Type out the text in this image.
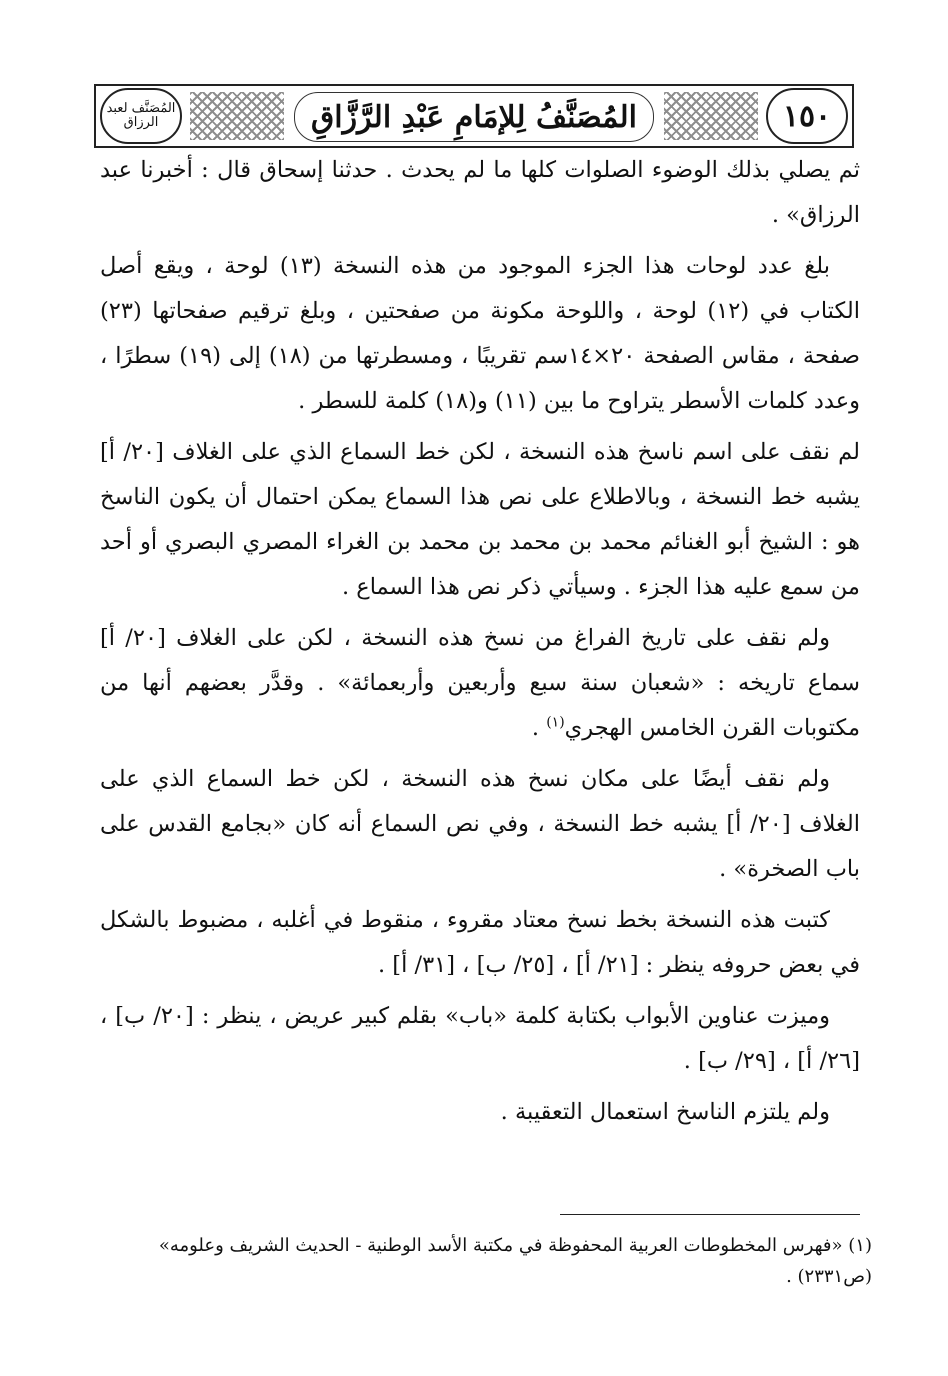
المُصَنَّف لعبد الرزاق	المُصَنَّفُ لِلإمَامِ عَبْدِ الرَّزَّاقِ	١٥٠

ثم يصلي بذلك الوضوء الصلوات كلها ما لم يحدث . حدثنا إسحاق قال : أخبرنا عبد الرزاق» .

بلغ عدد لوحات هذا الجزء الموجود من هذه النسخة (١٣) لوحة ، ويقع أصل الكتاب في (١٢) لوحة ، واللوحة مكونة من صفحتين ، وبلغ ترقيم صفحاتها (٢٣) صفحة ، مقاس الصفحة ٢٠×١٤سم تقريبًا ، ومسطرتها من (١٨) إلى (١٩) سطرًا ، وعدد كلمات الأسطر يتراوح ما بين (١١) و(١٨) كلمة للسطر .

لم نقف على اسم ناسخ هذه النسخة ، لكن خط السماع الذي على الغلاف [٢٠/ أ] يشبه خط النسخة ، وبالاطلاع على نص هذا السماع يمكن احتمال أن يكون الناسخ هو : الشيخ أبو الغنائم محمد بن محمد بن محمد بن الغراء المصري البصري أو أحد من سمع عليه هذا الجزء . وسيأتي ذكر نص هذا السماع .

ولم نقف على تاريخ الفراغ من نسخ هذه النسخة ، لكن على الغلاف [٢٠/ أ] سماع تاريخه : «شعبان سنة سبع وأربعين وأربعمائة» . وقدَّر بعضهم أنها من مكتوبات القرن الخامس الهجري$^{(١)}$ .

ولم نقف أيضًا على مكان نسخ هذه النسخة ، لكن خط السماع الذي على الغلاف [٢٠/ أ] يشبه خط النسخة ، وفي نص السماع أنه كان «بجامع القدس على باب الصخرة» .

كتبت هذه النسخة بخط نسخ معتاد مقروء ، منقوط في أغلبه ، مضبوط بالشكل في بعض حروفه ينظر : [٢١/ أ] ، [٢٥/ ب] ، [٣١/ أ] .

وميزت عناوين الأبواب بكتابة كلمة «باب» بقلم كبير عريض ، ينظر : [٢٠/ ب] ، [٢٦/ أ] ، [٢٩/ ب] .

ولم يلتزم الناسخ استعمال التعقيبة .

(١) «فهرس المخطوطات العربية المحفوظة في مكتبة الأسد الوطنية - الحديث الشريف وعلومه» (ص٢٣٣١) .
